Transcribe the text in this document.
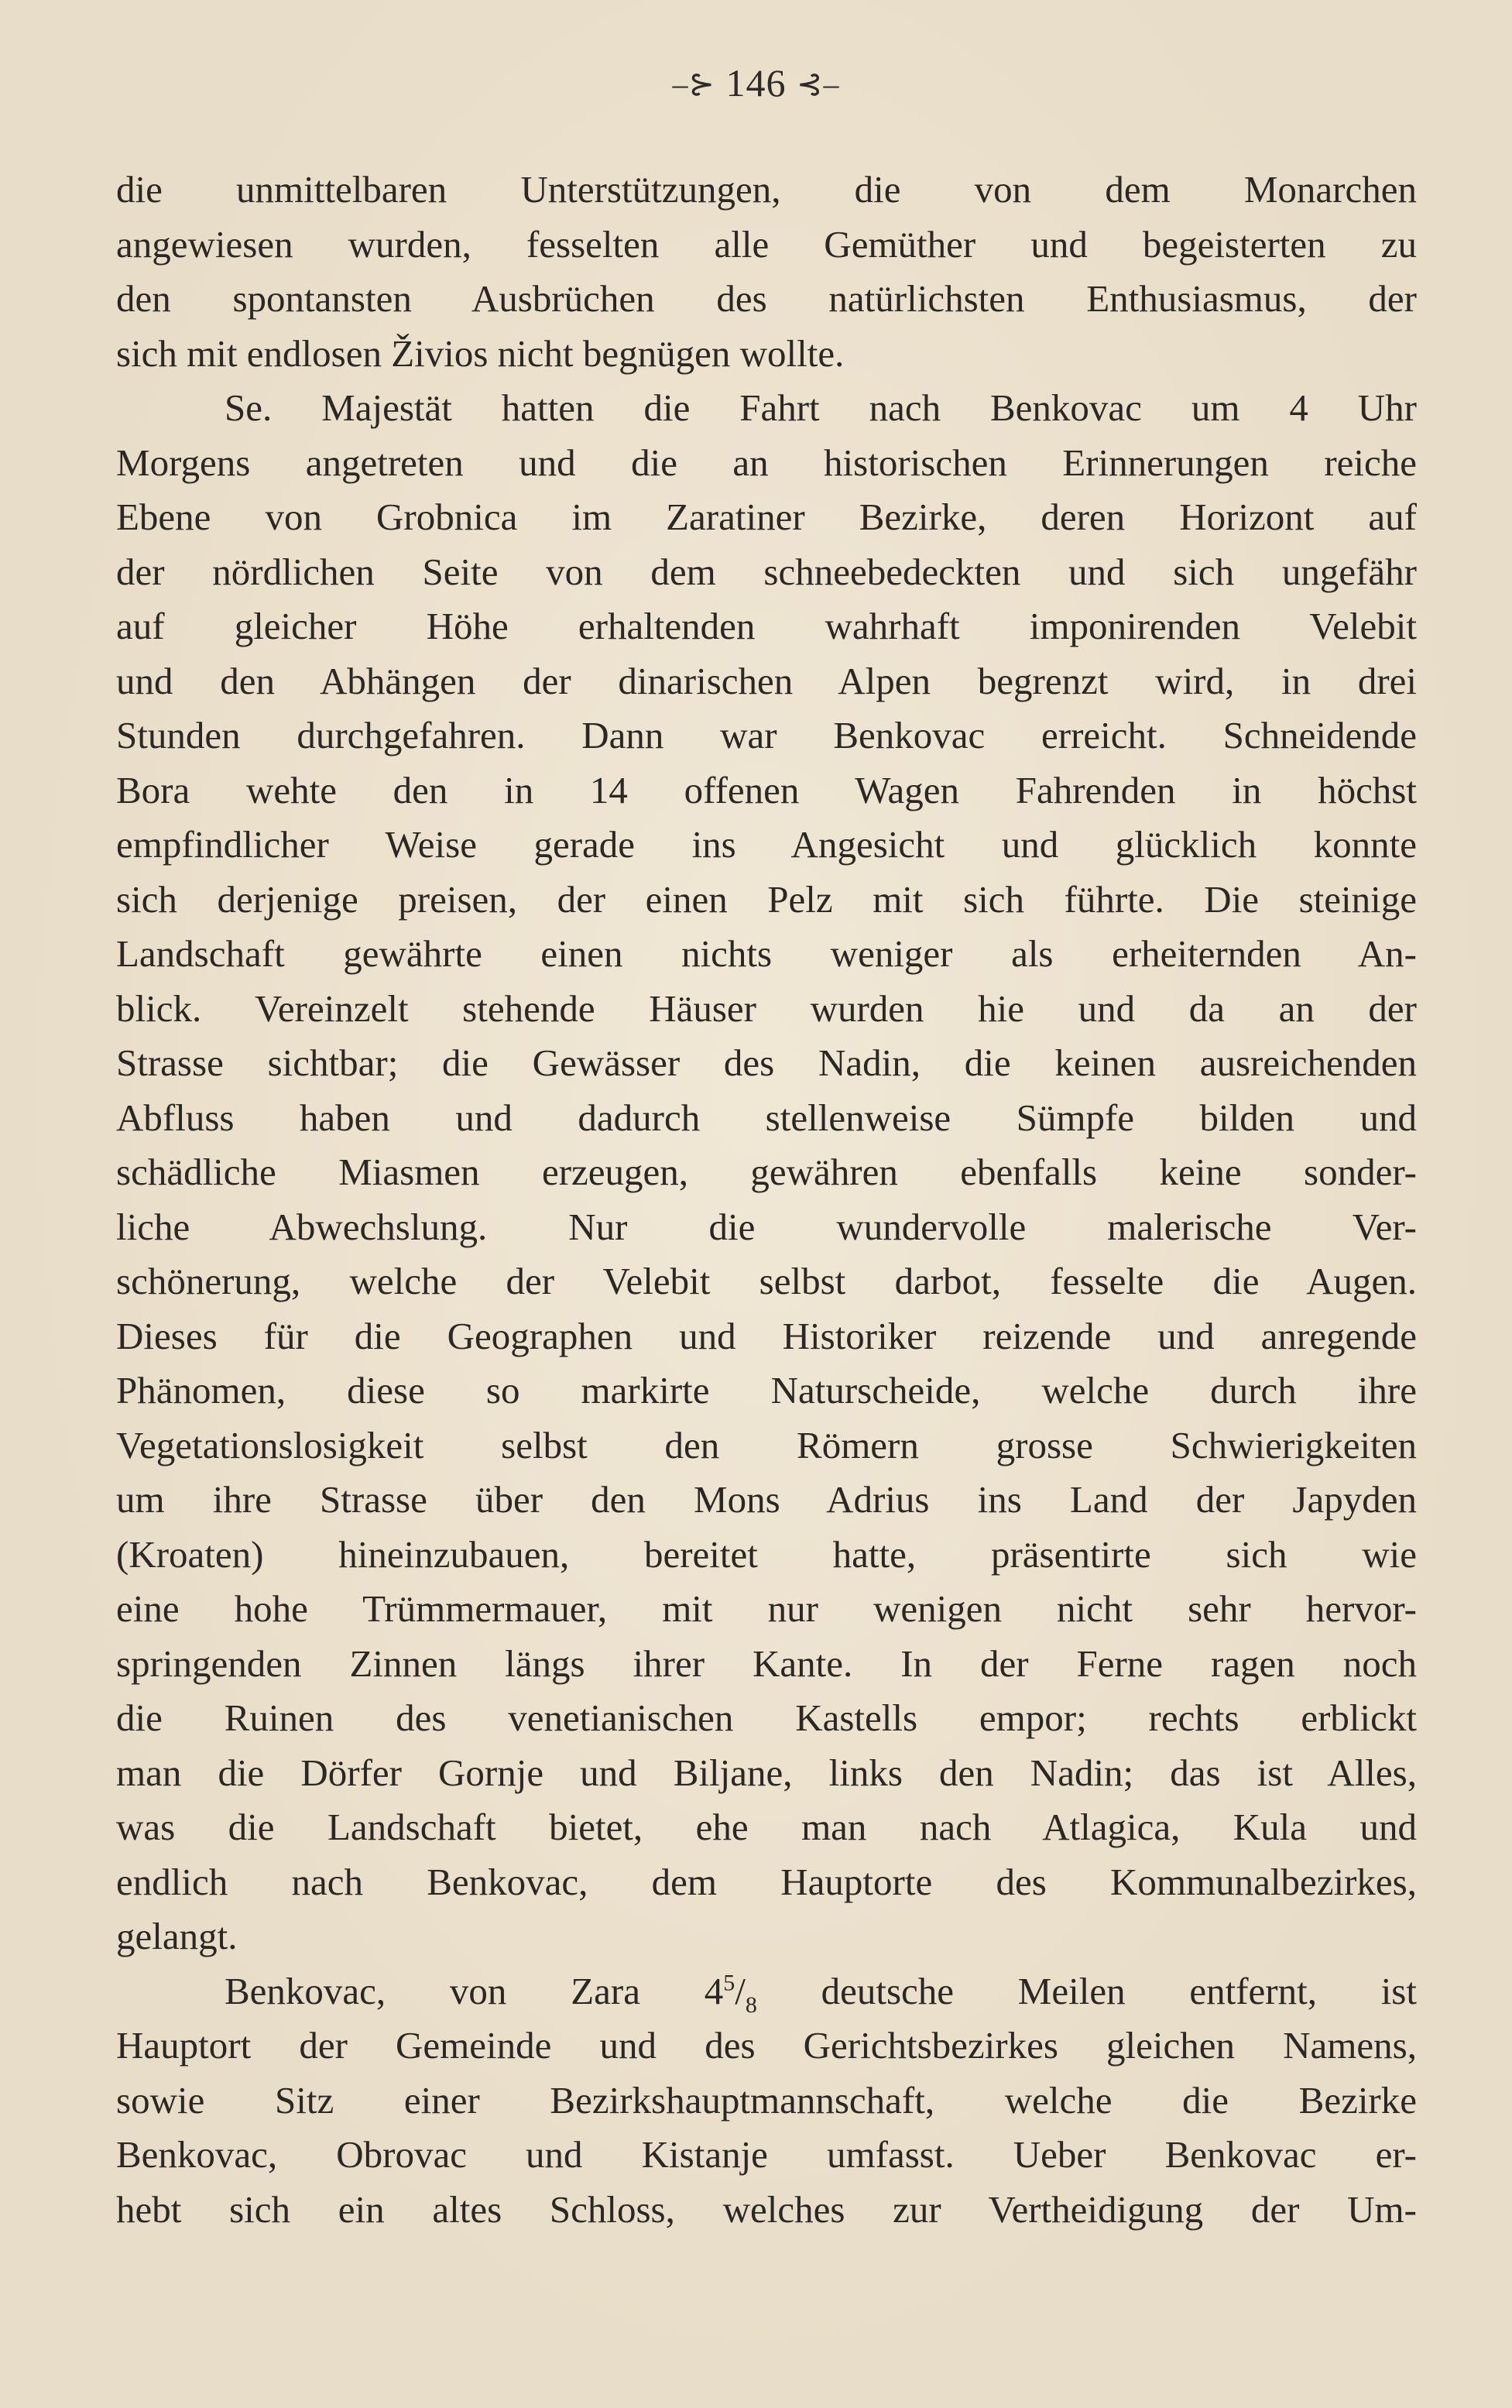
–⊱ 146 ⊰–
die unmittelbaren Unterstützungen, die von dem Monarchen
angewiesen wurden, fesselten alle Gemüther und begeisterten zu
den spontansten Ausbrüchen des natürlichsten Enthusiasmus, der
sich mit endlosen Živios nicht begnügen wollte.
Se. Majestät hatten die Fahrt nach Benkovac um 4 Uhr
Morgens angetreten und die an historischen Erinnerungen reiche
Ebene von Grobnica im Zaratiner Bezirke, deren Horizont auf
der nördlichen Seite von dem schneebedeckten und sich ungefähr
auf gleicher Höhe erhaltenden wahrhaft imponirenden Velebit
und den Abhängen der dinarischen Alpen begrenzt wird, in drei
Stunden durchgefahren. Dann war Benkovac erreicht. Schneidende
Bora wehte den in 14 offenen Wagen Fahrenden in höchst
empfindlicher Weise gerade ins Angesicht und glücklich konnte
sich derjenige preisen, der einen Pelz mit sich führte. Die steinige
Landschaft gewährte einen nichts weniger als erheiternden An-
blick. Vereinzelt stehende Häuser wurden hie und da an der
Strasse sichtbar; die Gewässer des Nadin, die keinen ausreichenden
Abfluss haben und dadurch stellenweise Sümpfe bilden und
schädliche Miasmen erzeugen, gewähren ebenfalls keine sonder-
liche Abwechslung. Nur die wundervolle malerische Ver-
schönerung, welche der Velebit selbst darbot, fesselte die Augen.
Dieses für die Geographen und Historiker reizende und anregende
Phänomen, diese so markirte Naturscheide, welche durch ihre
Vegetationslosigkeit selbst den Römern grosse Schwierigkeiten
um ihre Strasse über den Mons Adrius ins Land der Japyden
(Kroaten) hineinzubauen, bereitet hatte, präsentirte sich wie
eine hohe Trümmermauer, mit nur wenigen nicht sehr hervor-
springenden Zinnen längs ihrer Kante. In der Ferne ragen noch
die Ruinen des venetianischen Kastells empor; rechts erblickt
man die Dörfer Gornje und Biljane, links den Nadin; das ist Alles,
was die Landschaft bietet, ehe man nach Atlagica, Kula und
endlich nach Benkovac, dem Hauptorte des Kommunalbezirkes,
gelangt.
Benkovac, von Zara $4^5/_8$ deutsche Meilen entfernt, ist
Hauptort der Gemeinde und des Gerichtsbezirkes gleichen Namens,
sowie Sitz einer Bezirkshauptmannschaft, welche die Bezirke
Benkovac, Obrovac und Kistanje umfasst. Ueber Benkovac er-
hebt sich ein altes Schloss, welches zur Vertheidigung der Um-
